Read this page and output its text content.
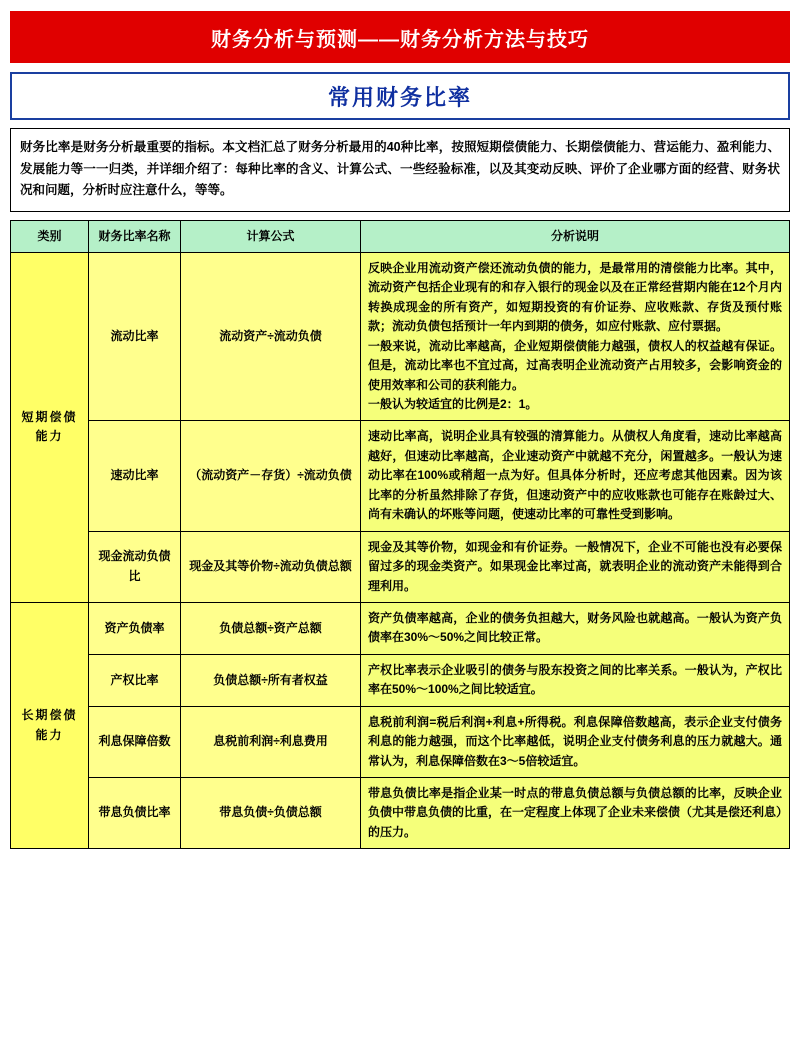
财务分析与预测——财务分析方法与技巧
常用财务比率
财务比率是财务分析最重要的指标。本文档汇总了财务分析最用的40种比率，按照短期偿债能力、长期偿债能力、营运能力、盈利能力、发展能力等一一归类，并详细介绍了：每种比率的含义、计算公式、一些经验标准，以及其变动反映、评价了企业哪方面的经营、财务状况和问题，分析时应注意什么，等等。
类别	财务比率名称	计算公式	分析说明
短期偿债能力	流动比率	流动资产÷流动负债	反映企业用流动资产偿还流动负债的能力，是最常用的清偿能力比率。其中，流动资产包括企业现有的和存入银行的现金以及在正常经营期内能在12个月内转换成现金的所有资产，如短期投资的有价证券、应收账款、存货及预付账款；流动负债包括预计一年内到期的债务，如应付账款、应付票据。
一般来说，流动比率越高，企业短期偿债能力越强，债权人的权益越有保证。但是，流动比率也不宜过高，过高表明企业流动资产占用较多，会影响资金的使用效率和公司的获利能力。
一般认为较适宜的比例是2：1。
	速动比率	（流动资产－存货）÷流动负债	速动比率高，说明企业具有较强的清算能力。从债权人角度看，速动比率越高越好，但速动比率越高，企业速动资产中就越不充分，闲置越多。一般认为速动比率在100%或稍超一点为好。但具体分析时，还应考虑其他因素。因为该比率的分析虽然排除了存货，但速动资产中的应收账款也可能存在账龄过大、尚有未确认的坏账等问题，使速动比率的可靠性受到影响。
	现金流动负债比	现金及其等价物÷流动负债总额	现金及其等价物，如现金和有价证券。一般情况下，企业不可能也没有必要保留过多的现金类资产。如果现金比率过高，就表明企业的流动资产未能得到合理利用。
长期偿债能力	资产负债率	负债总额÷资产总额	资产负债率越高，企业的债务负担越大，财务风险也就越高。一般认为资产负债率在30%～50%之间比较正常。
	产权比率	负债总额÷所有者权益	产权比率表示企业吸引的债务与股东投资之间的比率关系。一般认为，产权比率在50%～100%之间比较适宜。
	利息保障倍数	息税前利润÷利息费用	息税前利润=税后利润+利息+所得税。利息保障倍数越高，表示企业支付债务利息的能力越强，而这个比率越低，说明企业支付债务利息的压力就越大。通常认为，利息保障倍数在3～5倍较适宜。
	带息负债比率	带息负债÷负债总额	带息负债比率是指企业某一时点的带息负债总额与负债总额的比率，反映企业负债中带息负债的比重，在一定程度上体现了企业未来偿债（尤其是偿还利息）的压力。
